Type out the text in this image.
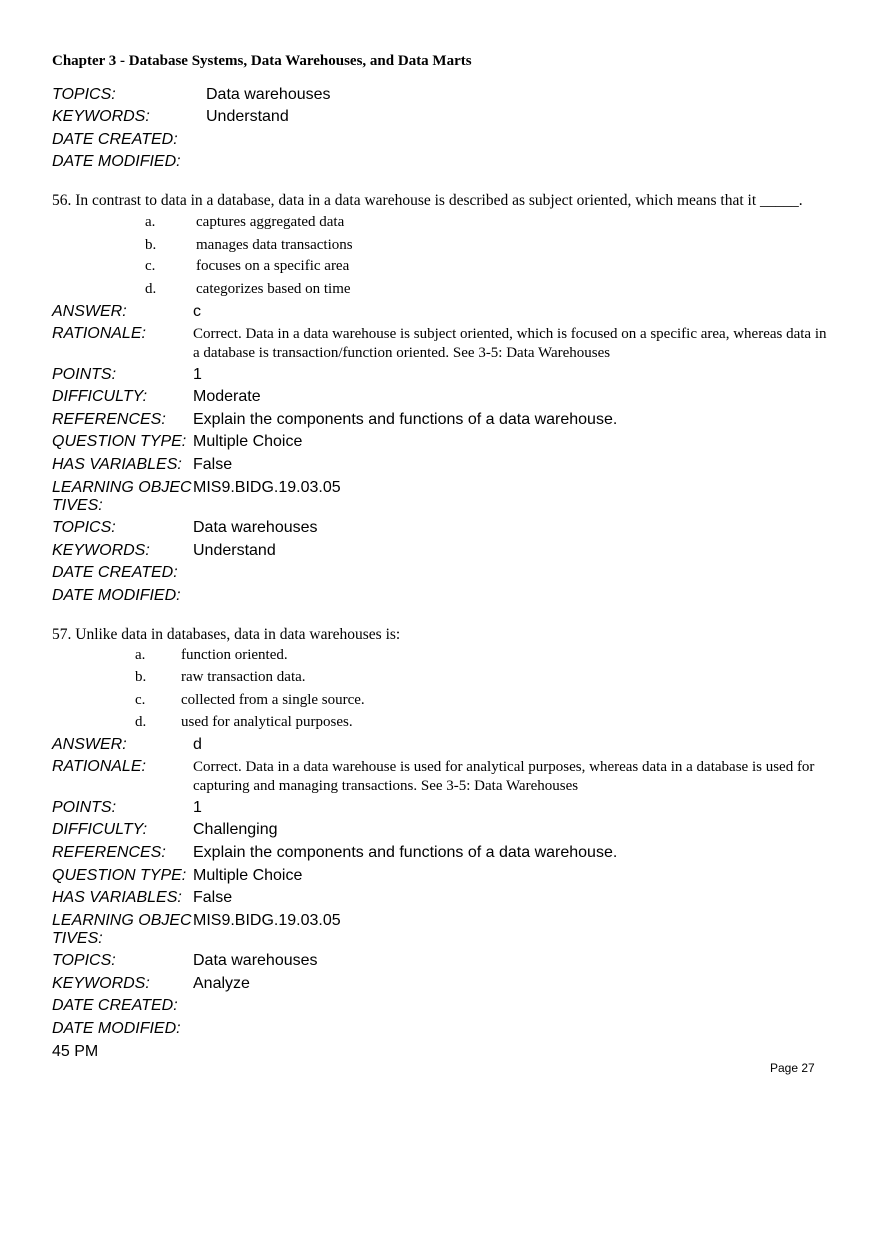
Chapter 3 - Database Systems, Data Warehouses, and Data Marts
TOPICS:	Data warehouses
KEYWORDS:	Understand
DATE CREATED:
DATE MODIFIED:
56. In contrast to data in a database, data in a data warehouse is described as subject oriented, which means that it _____.
a.	captures aggregated data
b.	manages data transactions
c.	focuses on a specific area
d.	categorizes based on time
ANSWER:	c
RATIONALE:	Correct. Data in a data warehouse is subject oriented, which is focused on a specific area, whereas data in a database is transaction/function oriented. See 3-5: Data Warehouses
POINTS:	1
DIFFICULTY:	Moderate
REFERENCES: Explain the components and functions of a data warehouse.
QUESTION TYPE: Multiple Choice
HAS VARIABLES: False
LEARNING OBJEC
TIVES:
MIS9.BIDG.19.03.05
TOPICS:	Data warehouses
KEYWORDS:	Understand
DATE CREATED:
DATE MODIFIED:
57. Unlike data in databases, data in data warehouses is:
a. function oriented.
b. raw transaction data.
c. collected from a single source.
d. used for analytical purposes.
ANSWER:	d
RATIONALE:	Correct. Data in a data warehouse is used for analytical purposes, whereas data in a database is used for capturing and managing transactions. See 3-5: Data Warehouses
POINTS:	1
DIFFICULTY:	Challenging
REFERENCES: Explain the components and functions of a data warehouse.
QUESTION TYPE: Multiple Choice
HAS VARIABLES: False
LEARNING OBJEC
TIVES:
MIS9.BIDG.19.03.05
TOPICS:	Data warehouses
KEYWORDS:	Analyze
DATE CREATED:
DATE MODIFIED:
45 PM
Page 27
